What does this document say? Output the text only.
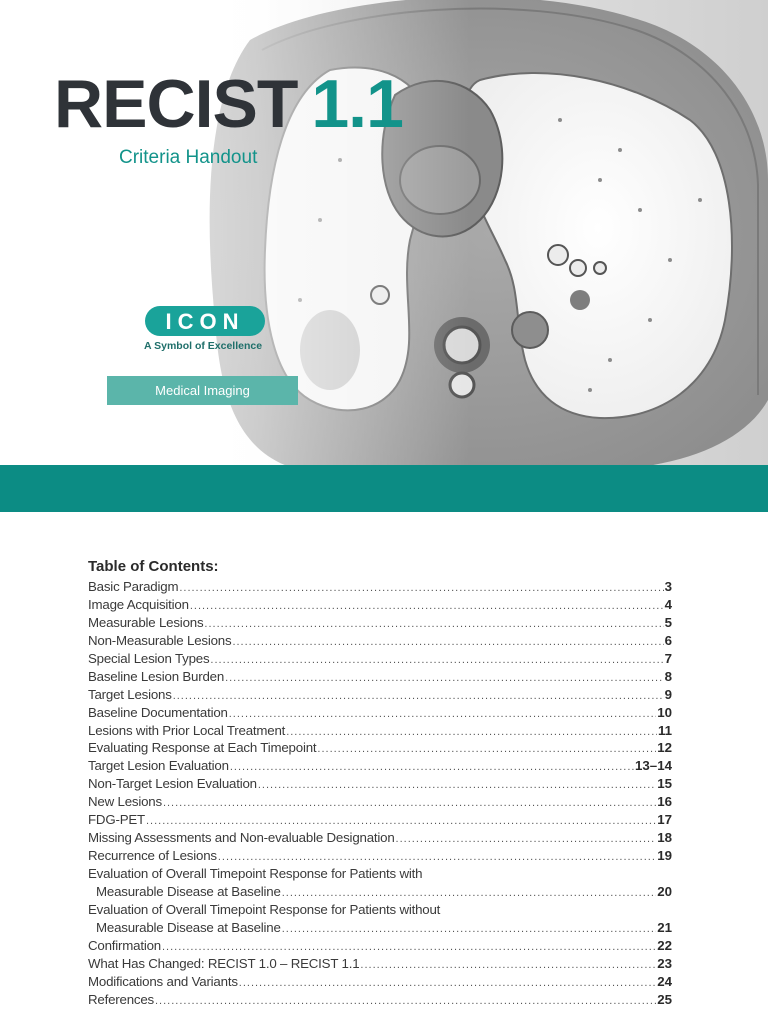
RECIST 1.1
Criteria Handout
ICON
A Symbol of Excellence
Medical Imaging
Table of Contents:
Basic Paradigm .....	3
Image Acquisition .....	4
Measurable Lesions .....	5
Non-Measurable Lesions .....	6
Special Lesion Types .....	7
Baseline Lesion Burden .....	8
Target Lesions .....	9
Baseline Documentation .....	10
Lesions with Prior Local Treatment .....	11
Evaluating Response at Each Timepoint .....	12
Target Lesion Evaluation .....	13–14
Non-Target Lesion Evaluation .....	15
New Lesions .....	16
FDG-PET .....	17
Missing Assessments and Non-evaluable Designation .....	18
Recurrence of Lesions .....	19
Evaluation of Overall Timepoint Response for Patients with
Measurable Disease at Baseline .....	20
Evaluation of Overall Timepoint Response for Patients without
Measurable Disease at Baseline .....	21
Confirmation .....	22
What Has Changed: RECIST 1.0 – RECIST 1.1 .....	23
Modifications and Variants .....	24
References .....	25
